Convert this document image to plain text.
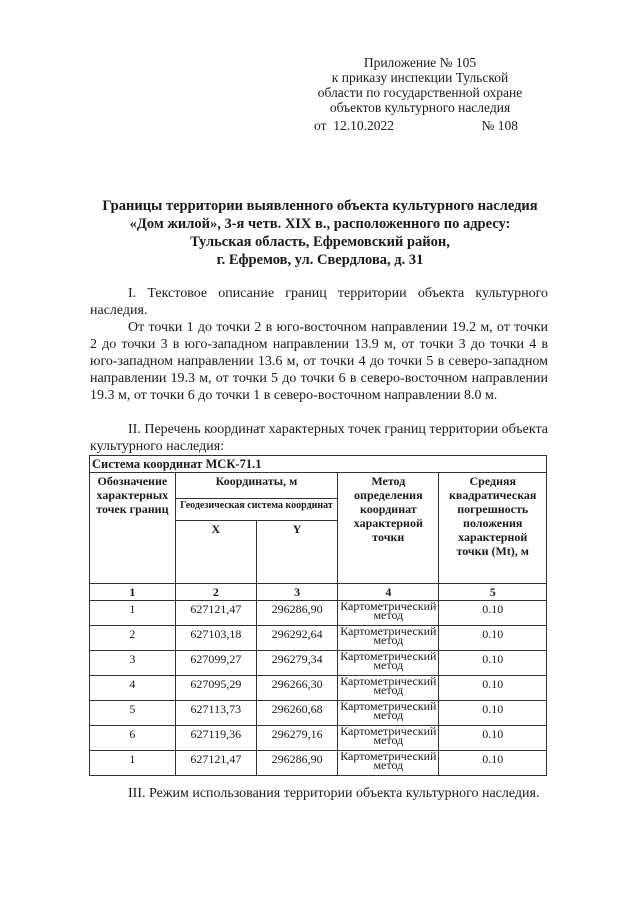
Приложение № 105
к приказу инспекции Тульской
области по государственной охране
объектов культурного наследия
от 12.10.2022	№ 108
Границы территории выявленного объекта культурного наследия
«Дом жилой», 3-я четв. XIX в., расположенного по адресу:
Тульская область, Ефремовский район,
г. Ефремов, ул. Свердлова, д. 31

I. Текстовое описание границ территории объекта культурного наследия.

От точки 1 до точки 2 в юго-восточном направлении 19.2 м, от точки 2 до точки 3 в юго-западном направлении 13.9 м, от точки 3 до точки 4 в юго-западном направлении 13.6 м, от точки 4 до точки 5 в северо-западном направлении 19.3 м, от точки 5 до точки 6 в северо-восточном направлении 19.3 м, от точки 6 до точки 1 в северо-восточном направлении 8.0 м.

II. Перечень координат характерных точек границ территории объекта культурного наследия:

Система координат МСК-71.1				
Обозначение характерных точек границ	Координаты, м		Метод определения координат характерной точки	Средняя квадратическая погрешность положения характерной точки (Mt), м
	Геодезическая система координат			
	X	Y		
1	2	3	4	5
1	627121,47	296286,90	Картометрический метод	0.10
2	627103,18	296292,64	Картометрический метод	0.10
3	627099,27	296279,34	Картометрический метод	0.10
4	627095,29	296266,30	Картометрический метод	0.10
5	627113,73	296260,68	Картометрический метод	0.10
6	627119,36	296279,16	Картометрический метод	0.10
1	627121,47	296286,90	Картометрический метод	0.10

III. Режим использования территории объекта культурного наследия.
